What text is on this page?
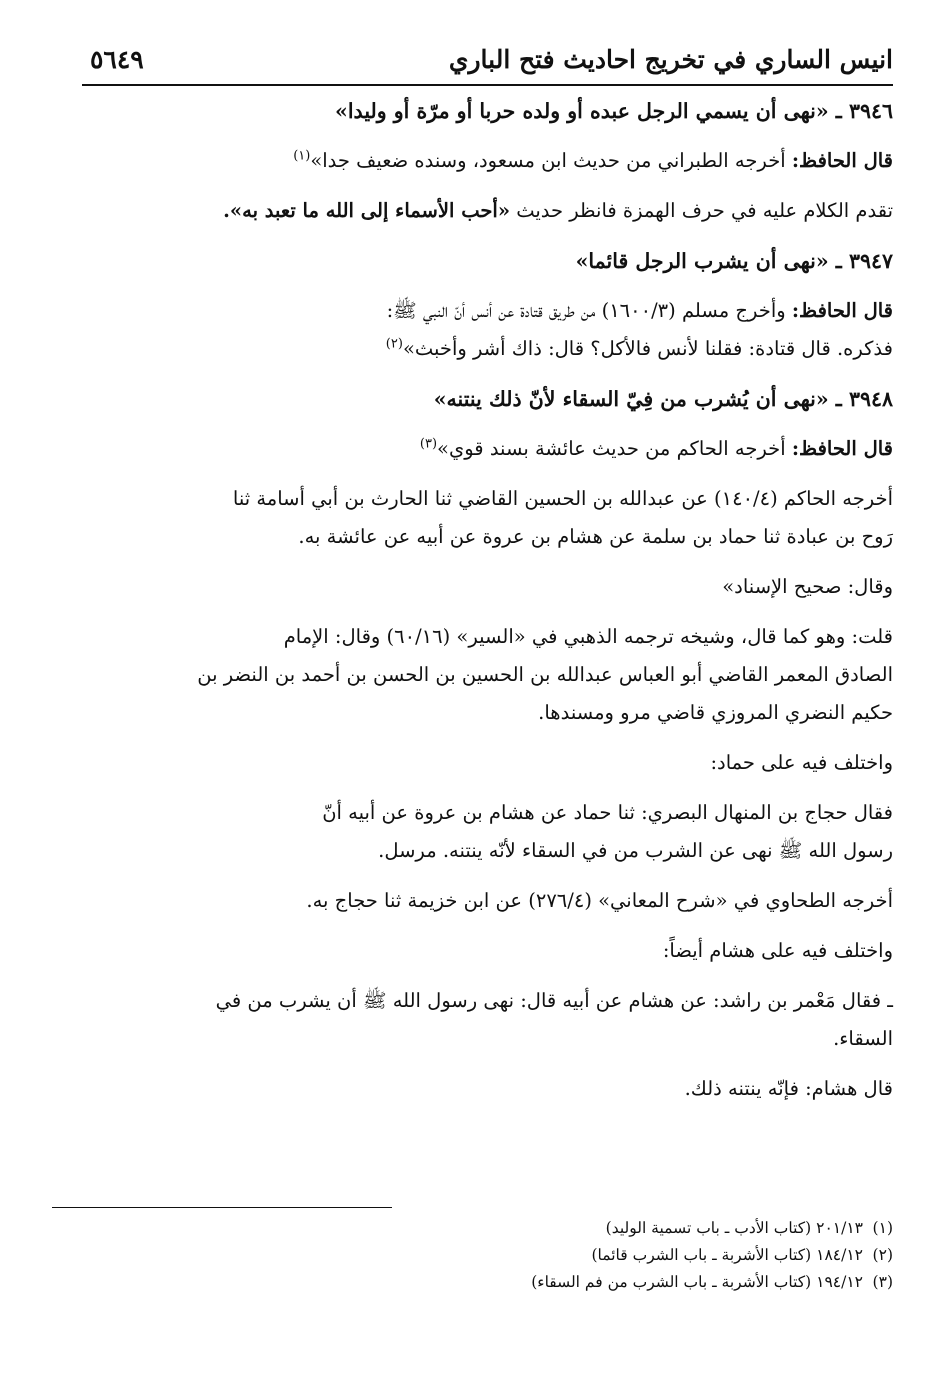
انيس الساري في تخريج احاديث فتح الباري
٥٦٤٩

٣٩٤٦ ـ «نهى أن يسمي الرجل عبده أو ولده حربا أو مرّة أو وليدا»

قال الحافظ: أخرجه الطبراني من حديث ابن مسعود، وسنده ضعيف جدا»$^{(١)}$

تقدم الكلام عليه في حرف الهمزة فانظر حديث «أحب الأسماء إلى الله ما تعبد به».

٣٩٤٧ ـ «نهى أن يشرب الرجل قائما»

قال الحافظ: وأخرج مسلم (١٦٠٠/٣) من طريق قتادة عن أنس أنّ النبي ﷺ:
فذكره. قال قتادة: فقلنا لأنس فالأكل؟ قال: ذاك أشر وأخبث»$^{(٢)}$

٣٩٤٨ ـ «نهى أن يُشرب من فِيّ السقاء لأنّ ذلك ينتنه»

قال الحافظ: أخرجه الحاكم من حديث عائشة بسند قوي»$^{(٣)}$

أخرجه الحاكم (١٤٠/٤) عن عبدالله بن الحسين القاضي ثنا الحارث بن أبي أسامة ثنا
رَوح بن عبادة ثنا حماد بن سلمة عن هشام بن عروة عن أبيه عن عائشة به.

وقال: صحيح الإسناد»

قلت: وهو كما قال، وشيخه ترجمه الذهبي في «السير» (٦٠/١٦) وقال: الإمام
الصادق المعمر القاضي أبو العباس عبدالله بن الحسين بن الحسن بن أحمد بن النضر بن
حكيم النضري المروزي قاضي مرو ومسندها.

واختلف فيه على حماد:

فقال حجاج بن المنهال البصري: ثنا حماد عن هشام بن عروة عن أبيه أنّ
رسول الله ﷺ نهى عن الشرب من في السقاء لأنّه ينتنه. مرسل.

أخرجه الطحاوي في «شرح المعاني» (٢٧٦/٤) عن ابن خزيمة ثنا حجاج به.

واختلف فيه على هشام أيضاً:

ـ فقال مَعْمر بن راشد: عن هشام عن أبيه قال: نهى رسول الله ﷺ أن يشرب من في
السقاء.

قال هشام: فإنّه ينتنه ذلك.

(١)٢٠١/١٣ (كتاب الأدب ـ باب تسمية الوليد)
(٢)١٨٤/١٢ (كتاب الأشربة ـ باب الشرب قائما)
(٣)١٩٤/١٢ (كتاب الأشربة ـ باب الشرب من فم السقاء)
